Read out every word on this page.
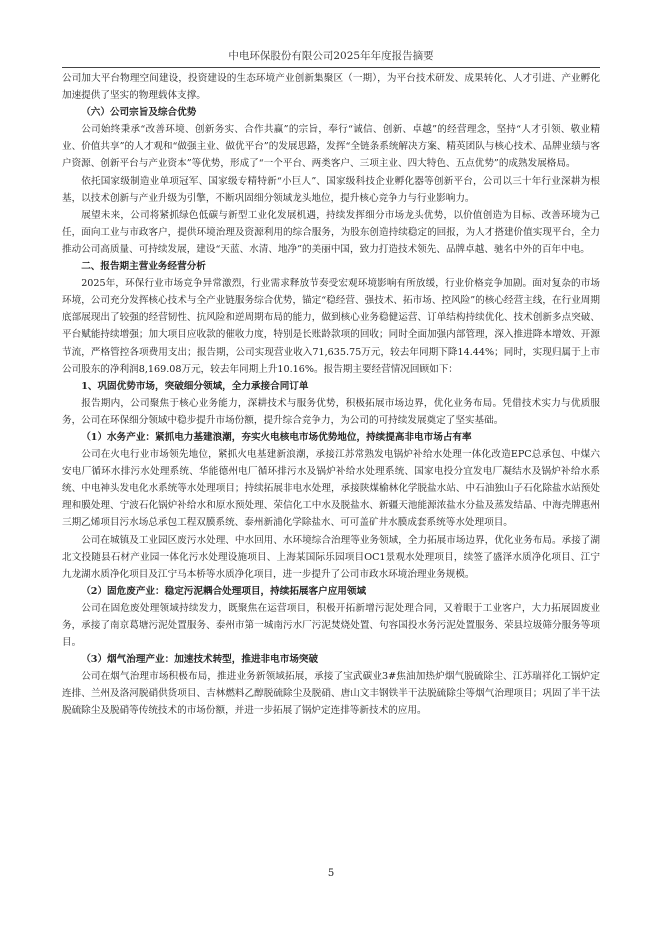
中电环保股份有限公司2025年年度报告摘要

公司加大平台物理空间建设，投资建设的生态环境产业创新集聚区（一期），为平台技术研发、成果转化、人才引进、产业孵化加速提供了坚实的物理载体支撑。

（六）公司宗旨及综合优势

公司始终秉承“改善环境、创新务实、合作共赢”的宗旨，奉行“诚信、创新、卓越”的经营理念，坚持“人才引领、敬业精业、价值共享”的人才观和“做强主业、做优平台”的发展思路，发挥“全链条系统解决方案、精英团队与核心技术、品牌业绩与客户资源、创新平台与产业资本”等优势，形成了“一个平台、两类客户、三项主业、四大特色、五点优势”的成熟发展格局。

依托国家级制造业单项冠军、国家级专精特新“小巨人”、国家级科技企业孵化器等创新平台，公司以三十年行业深耕为根基，以技术创新与产业升级为引擎，不断巩固细分领域龙头地位，提升核心竞争力与行业影响力。

展望未来，公司将紧抓绿色低碳与新型工业化发展机遇，持续发挥细分市场龙头优势，以价值创造为目标、改善环境为己任，面向工业与市政客户，提供环境治理及资源利用的综合服务，为股东创造持续稳定的回报，为人才搭建价值实现平台，全力推动公司高质量、可持续发展，建设“天蓝、水清、地净”的美丽中国，致力打造技术领先、品牌卓越、驰名中外的百年中电。

二、报告期主营业务经营分析

2025年，环保行业市场竞争异常激烈，行业需求释放节奏受宏观环境影响有所放缓，行业价格竞争加剧。面对复杂的市场环境，公司充分发挥核心技术与全产业链服务综合优势，锚定“稳经营、强技术、拓市场、控风险”的核心经营主线，在行业周期底部展现出了较强的经营韧性、抗风险和逆周期布局的能力，做到核心业务稳健运营、订单结构持续优化、技术创新多点突破、平台赋能持续增强；加大项目应收款的催收力度，特别是长账龄款项的回收；同时全面加强内部管理，深入推进降本增效、开源节流，严格管控各项费用支出；报告期，公司实现营业收入71,635.75万元，较去年同期下降14.44%；同时，实现归属于上市公司股东的净利润8,169.08万元，较去年同期上升10.16%。报告期主要经营情况回顾如下：

1、巩固优势市场，突破细分领域，全力承接合同订单

报告期内，公司聚焦于核心业务能力，深耕技术与服务优势，积极拓展市场边界，优化业务布局。凭借技术实力与优质服务，公司在环保细分领域中稳步提升市场份额，提升综合竞争力，为公司的可持续发展奠定了坚实基础。

（1）水务产业：紧抓电力基建浪潮，夯实火电核电市场优势地位，持续提高非电市场占有率

公司在火电行业市场领先地位，紧抓火电基建新浪潮，承接江苏常熟发电锅炉补给水处理一体化改造EPC总承包、中煤六安电厂循环水排污水处理系统、华能德州电厂循环排污水及锅炉补给水处理系统、国家电投分宜发电厂凝结水及锅炉补给水系统、中电神头发电化水系统等水处理项目；持续拓展非电水处理，承接陕煤榆林化学脱盐水站、中石油独山子石化除盐水站预处理和膜处理、宁波石化锅炉补给水和原水预处理、荣信化工中水及脱盐水、新疆天池能源浓盐水分盐及蒸发结晶、中海壳牌惠州三期乙烯项目污水场总承包工程双膜系统、泰州新浦化学除盐水、可可盖矿井水膜成套系统等水处理项目。

公司在城镇及工业园区废污水处理、中水回用、水环境综合治理等业务领域，全力拓展市场边界，优化业务布局。承接了湖北文投随县石材产业园一体化污水处理设施项目、上海某国际乐园项目OC1景观水处理项目，续签了盛泽水质净化项目、江宁九龙湖水质净化项目及江宁马本桥等水质净化项目，进一步提升了公司市政水环境治理业务规模。

（2）固危废产业：稳定污泥耦合处理项目，持续拓展客户应用领域

公司在固危废处理领域持续发力，既聚焦在运营项目，积极开拓新增污泥处理合同，又着眼于工业客户，大力拓展固废业务，承接了南京葛塘污泥处置服务、泰州市第一城南污水厂污泥焚烧处置、句容国投水务污泥处置服务、荣县垃圾筛分服务等项目。

（3）烟气治理产业：加速技术转型，推进非电市场突破

公司在烟气治理市场积极布局，推进业务新领域拓展，承接了宝武碳业3#焦油加热炉烟气脱硫除尘、江苏瑞祥化工锅炉定连排、兰州及洛河脱硝供货项目、吉林燃料乙醇脱硫除尘及脱硝、唐山文丰钢铁半干法脱硫除尘等烟气治理项目；巩固了半干法脱硫除尘及脱硝等传统技术的市场份额，并进一步拓展了锅炉定连排等新技术的应用。

5
